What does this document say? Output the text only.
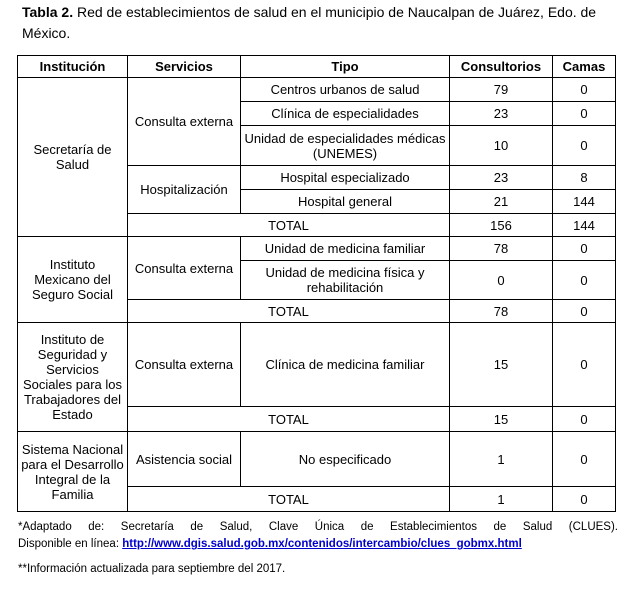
Tabla 2. Red de establecimientos de salud en el municipio de Naucalpan de Juárez, Edo. de México.
Institución	Servicios	Tipo	Consultorios	Camas
Secretaría de Salud	Consulta externa	Centros urbanos de salud	79	0
		Clínica de especialidades	23	0
		Unidad de especialidades médicas (UNEMES)	10	0
	Hospitalización	Hospital especializado	23	8
		Hospital general	21	144
	TOTAL		156	144
Instituto Mexicano del Seguro Social	Consulta externa	Unidad de medicina familiar	78	0
		Unidad de medicina física y rehabilitación	0	0
	TOTAL		78	0
Instituto de Seguridad y Servicios Sociales para los Trabajadores del Estado	Consulta externa	Clínica de medicina familiar	15	0
	TOTAL		15	0
Sistema Nacional para el Desarrollo Integral de la Familia	Asistencia social	No especificado	1	0
	TOTAL		1	0
*Adaptado de: Secretaría de Salud, Clave Única de Establecimientos de Salud (CLUES).
Disponible en línea: http://www.dgis.salud.gob.mx/contenidos/intercambio/clues_gobmx.html
**Información actualizada para septiembre del 2017.
